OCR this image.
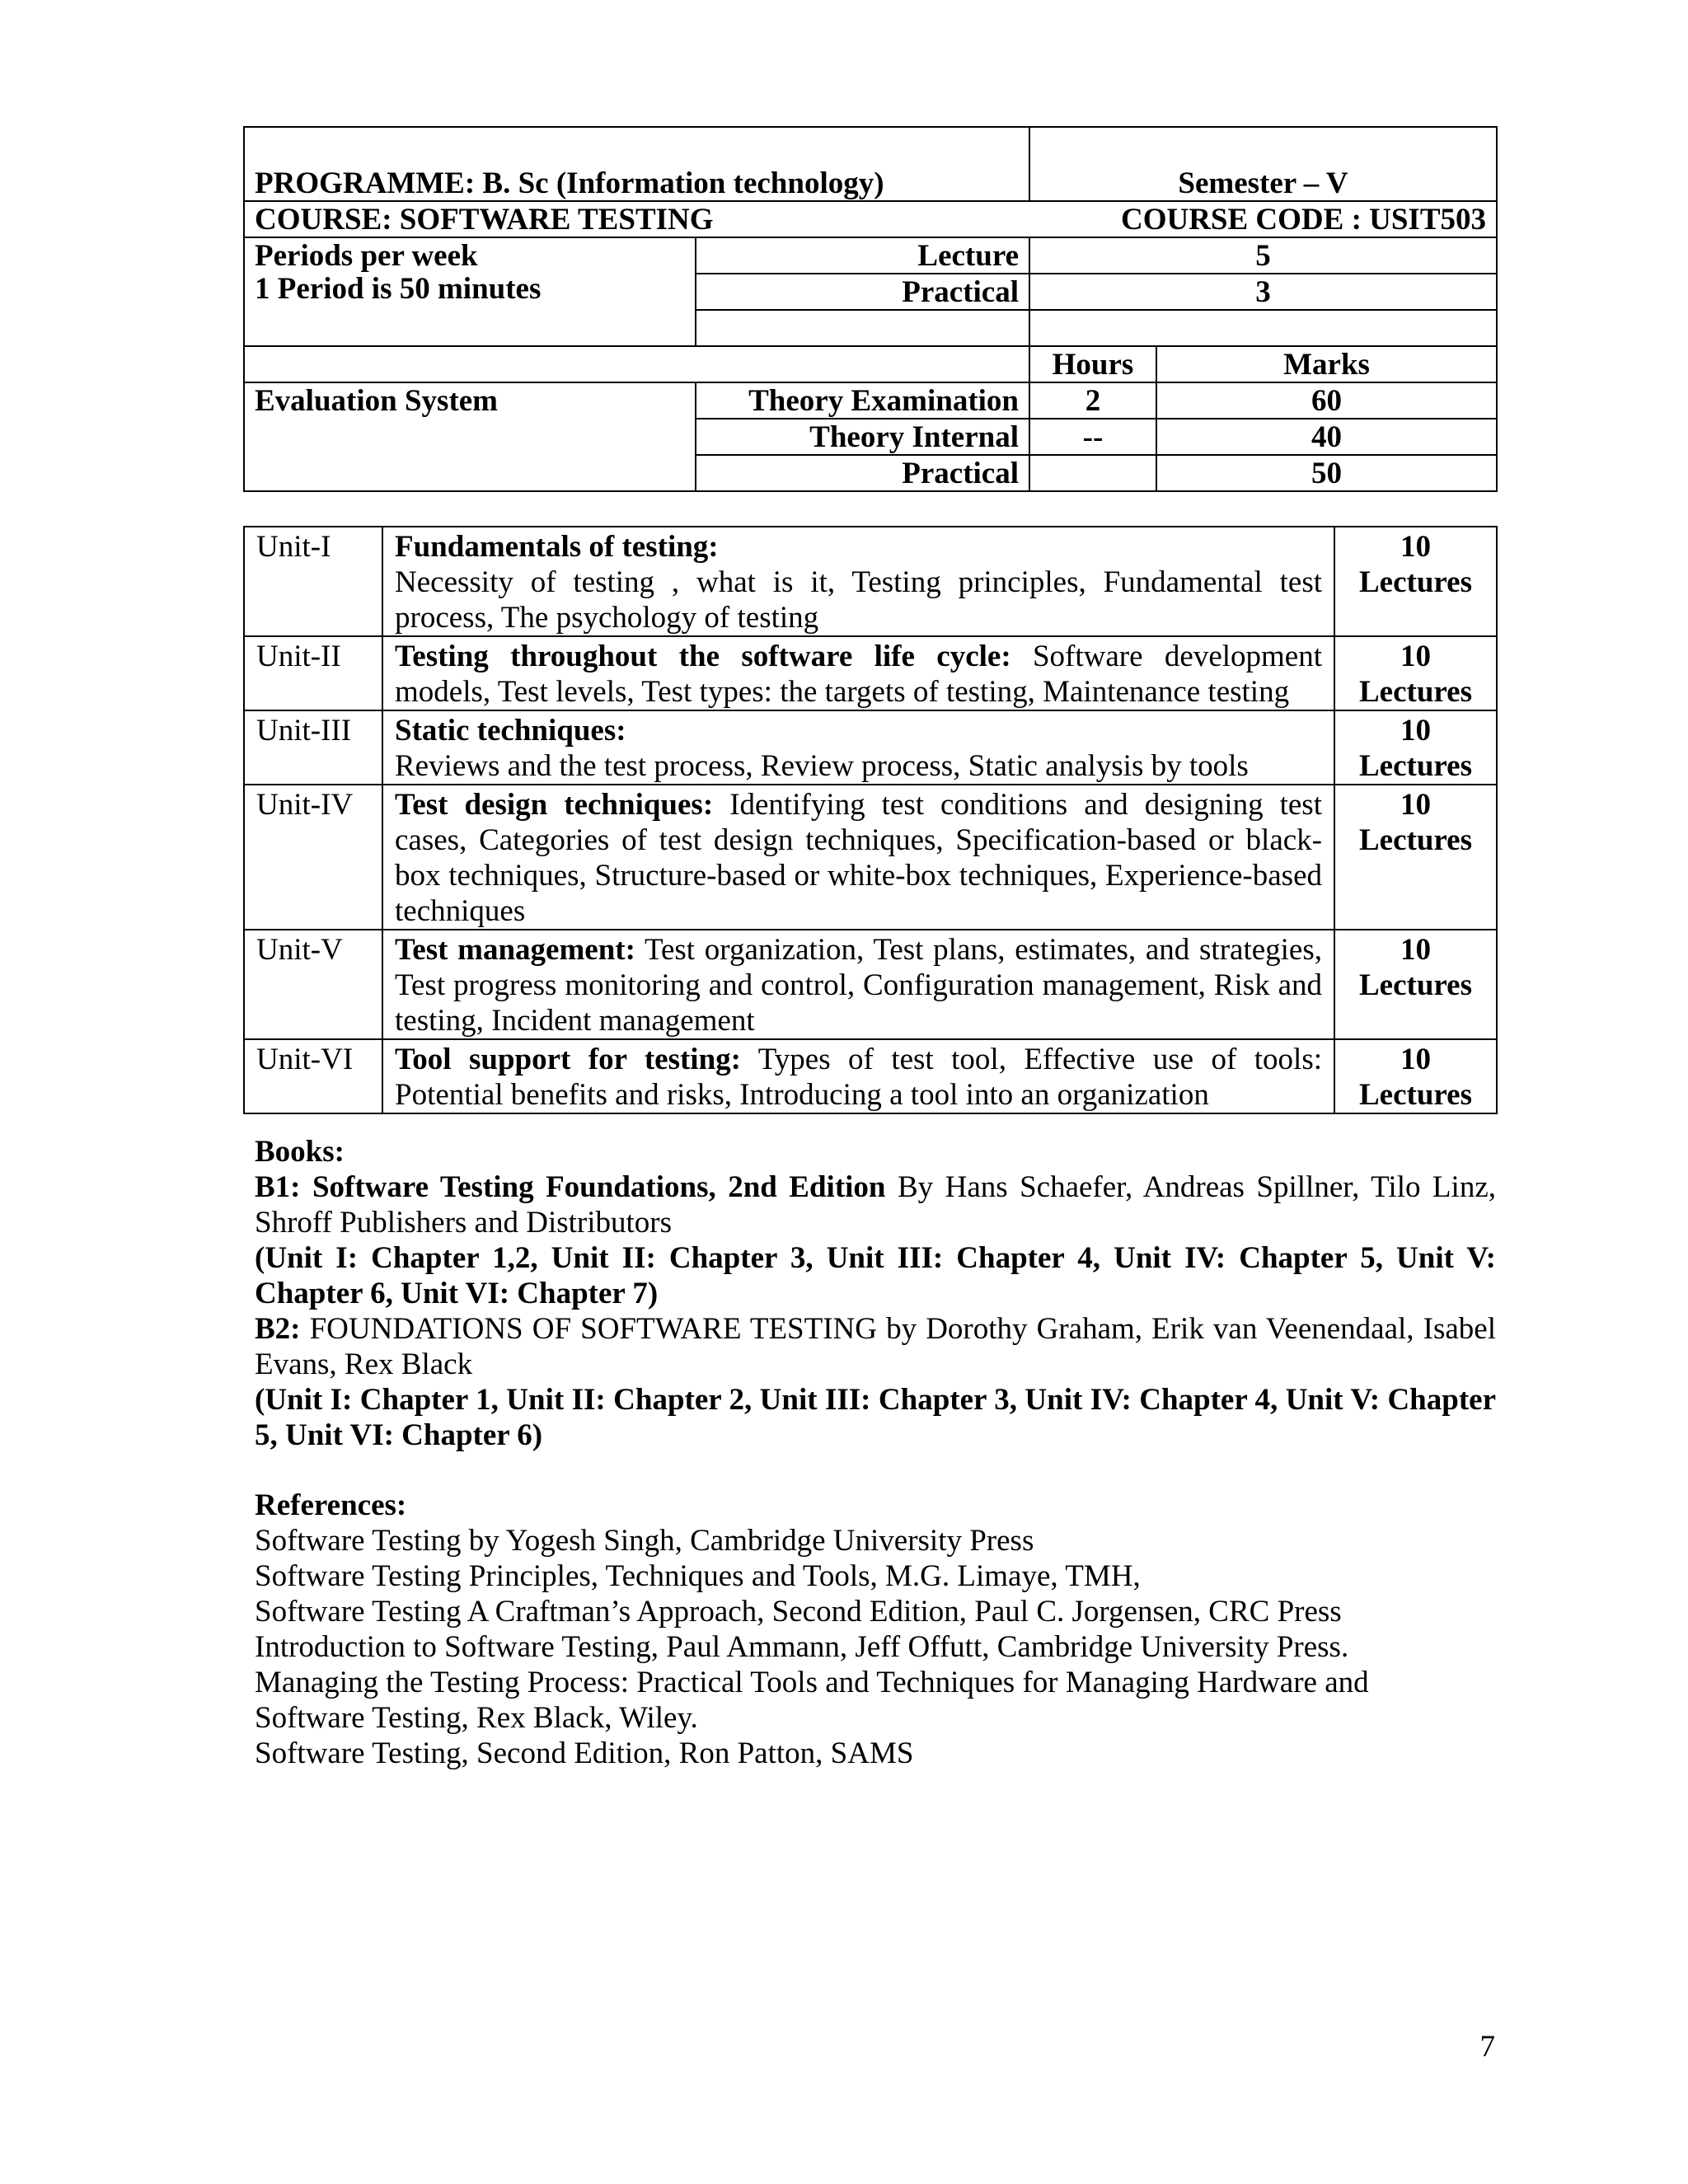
PROGRAMME: B. Sc (Information technology)		Semester – V	
COURSE: SOFTWARE TESTING COURSE CODE : USIT503			

Periods per week
1 Period is 50 minutes	Lecture	5	
	Practical	3	

		Hours	Marks
Evaluation System	Theory Examination	2	60
	Theory Internal	--	40
	Practical		50
Unit-I	Fundamentals of testing:
Necessity of testing , what is it, Testing principles, Fundamental test process, The psychology of testing	10
Lectures

Unit-II	Testing throughout the software life cycle: Software development models, Test levels, Test types: the targets of testing, Maintenance testing	10
Lectures

Unit-III	Static techniques:
Reviews and the test process, Review process, Static analysis by tools	10
Lectures

Unit-IV	Test design techniques: Identifying test conditions and designing test cases, Categories of test design techniques, Specification-based or black-box techniques, Structure-based or white-box techniques, Experience-based techniques	10
Lectures

Unit-V	Test management: Test organization, Test plans, estimates, and strategies, Test progress monitoring and control, Configuration management, Risk and testing, Incident management	10
Lectures

Unit-VI	Tool support for testing: Types of test tool, Effective use of tools: Potential benefits and risks, Introducing a tool into an organization	10
Lectures

Books:

B1: Software Testing Foundations, 2nd Edition By Hans Schaefer, Andreas Spillner, Tilo Linz, Shroff Publishers and Distributors

(Unit I: Chapter 1,2, Unit II: Chapter 3, Unit III: Chapter 4, Unit IV: Chapter 5, Unit V: Chapter 6, Unit VI: Chapter 7)

B2: FOUNDATIONS OF SOFTWARE TESTING by Dorothy Graham, Erik van Veenendaal, Isabel Evans, Rex Black

(Unit I: Chapter 1, Unit II: Chapter 2, Unit III: Chapter 3, Unit IV: Chapter 4, Unit V: Chapter 5, Unit VI: Chapter 6)

References:

Software Testing by Yogesh Singh, Cambridge University Press

Software Testing Principles, Techniques and Tools, M.G. Limaye, TMH,

Software Testing A Craftman’s Approach, Second Edition, Paul C. Jorgensen, CRC Press

Introduction to Software Testing, Paul Ammann, Jeff Offutt, Cambridge University Press.

Managing the Testing Process: Practical Tools and Techniques for Managing Hardware and

Software Testing, Rex Black, Wiley.

Software Testing, Second Edition, Ron Patton, SAMS

7
